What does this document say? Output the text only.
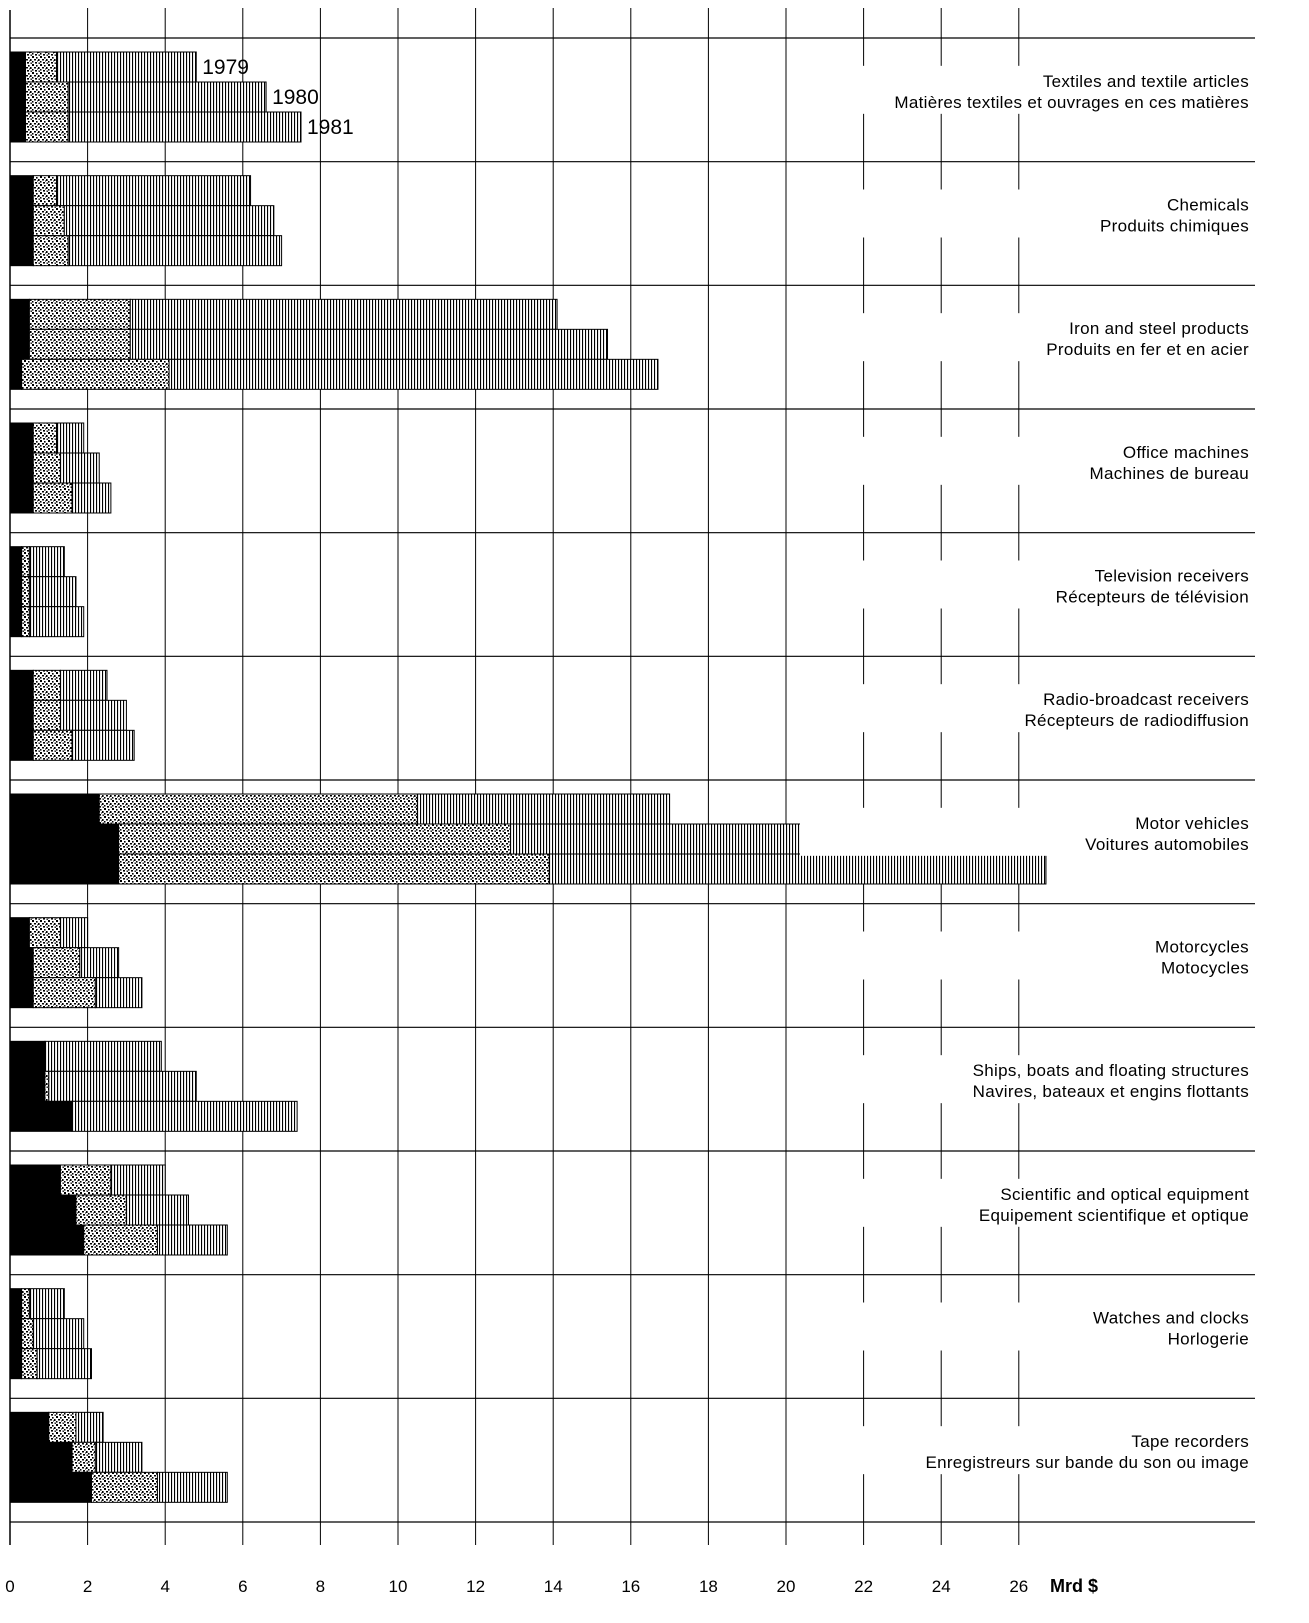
1979
1980
1981
Textiles and textile articles
Matières textiles et ouvrages en ces matières
Chemicals
Produits chimiques
Iron and steel products
Produits en fer et en acier
Office machines
Machines de bureau
Television receivers
Récepteurs de télévision
Radio-broadcast receivers
Récepteurs de radiodiffusion
Motor vehicles
Voitures automobiles
Motorcycles
Motocycles
Ships, boats and floating structures
Navires, bateaux et engins flottants
Scientific and optical equipment
Equipement scientifique et optique
Watches and clocks
Horlogerie
Tape recorders
Enregistreurs sur bande du son ou image
0	2	4	6	8	10	12	14	16	18	20	22	24	26 Mrd $
